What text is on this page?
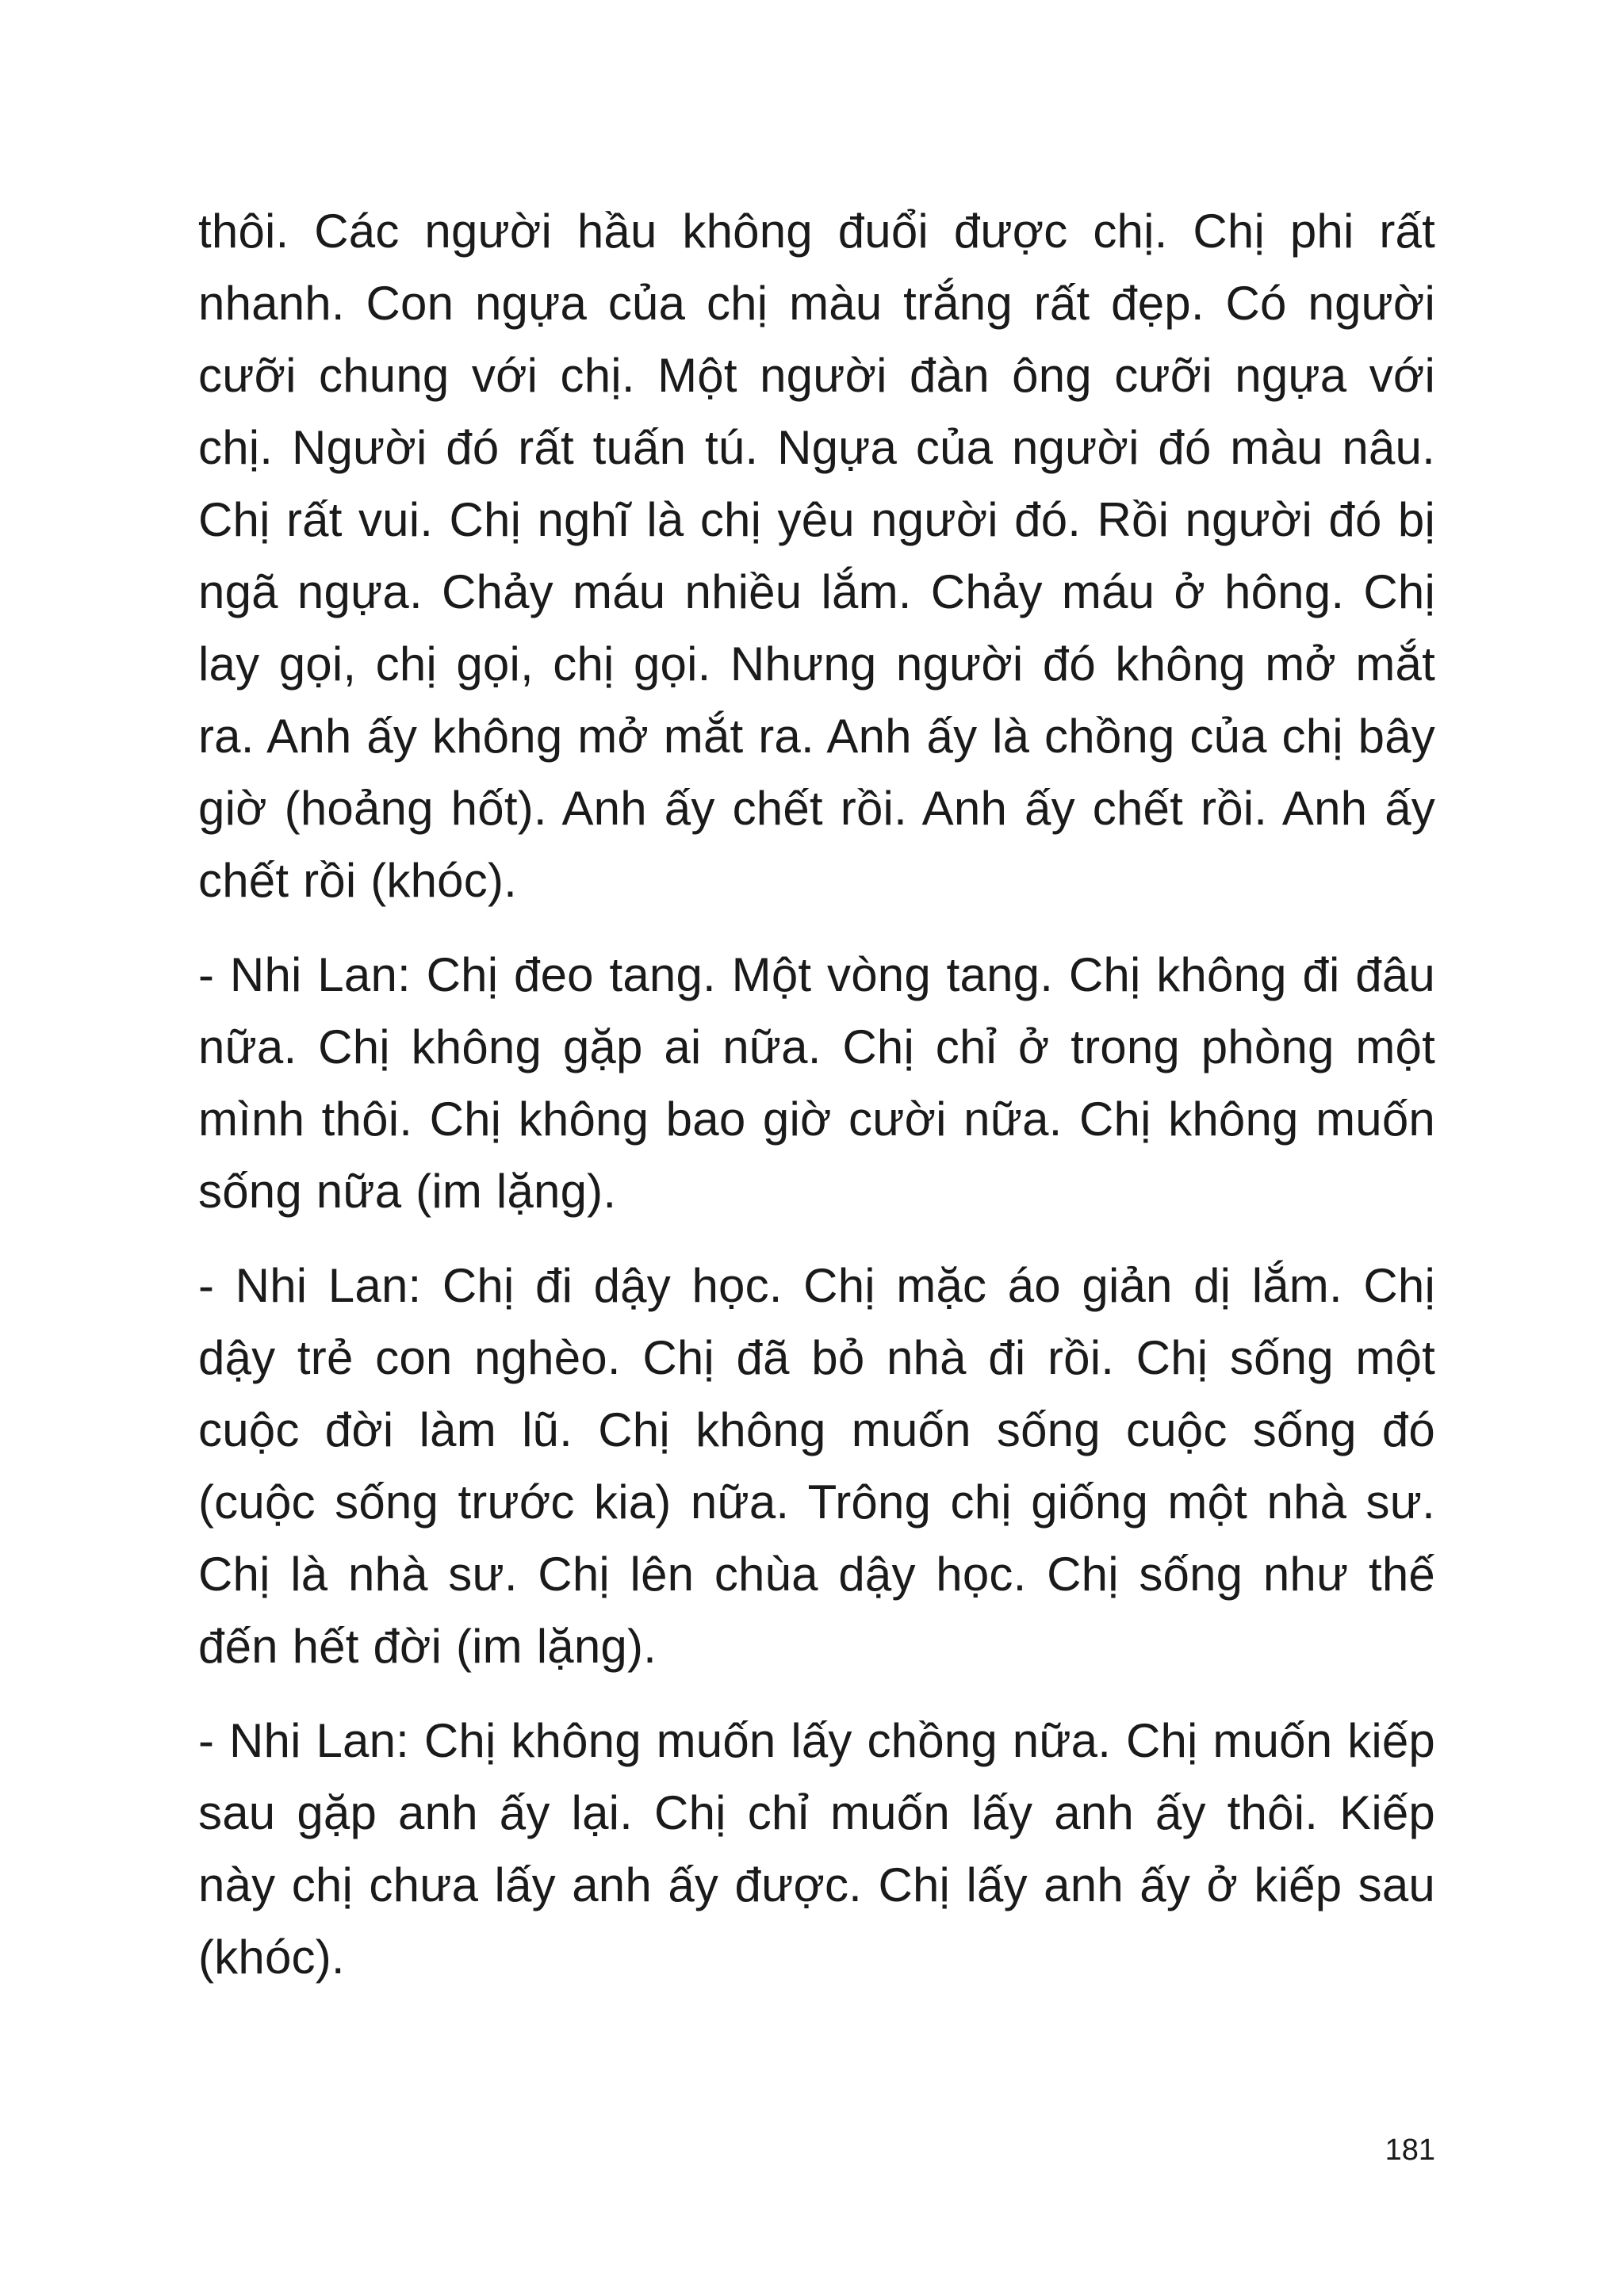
thôi. Các người hầu không đuổi được chị. Chị phi rất nhanh. Con ngựa của chị màu trắng rất đẹp. Có người cưỡi chung với chị. Một người đàn ông cưỡi ngựa với chị. Người đó rất tuấn tú. Ngựa của người đó màu nâu. Chị rất vui. Chị nghĩ là chị yêu người đó. Rồi người đó bị ngã ngựa. Chảy máu nhiều lắm. Chảy máu ở hông. Chị lay gọi, chị gọi, chị gọi. Nhưng người đó không mở mắt ra. Anh ấy không mở mắt ra. Anh ấy là chồng của chị bây giờ (hoảng hốt). Anh ấy chết rồi. Anh ấy chết rồi. Anh ấy chết rồi (khóc).

- Nhi Lan: Chị đeo tang. Một vòng tang. Chị không đi đâu nữa. Chị không gặp ai nữa. Chị chỉ ở trong phòng một mình thôi. Chị không bao giờ cười nữa. Chị không muốn sống nữa (im lặng).

- Nhi Lan: Chị đi dậy học. Chị mặc áo giản dị lắm. Chị dậy trẻ con nghèo. Chị đã bỏ nhà đi rồi. Chị sống một cuộc đời làm lũ. Chị không muốn sống cuộc sống đó (cuộc sống trước kia) nữa. Trông chị giống một nhà sư. Chị là nhà sư. Chị lên chùa dậy học. Chị sống như thế đến hết đời (im lặng).

- Nhi Lan: Chị không muốn lấy chồng nữa. Chị muốn kiếp sau gặp anh ấy lại. Chị chỉ muốn lấy anh ấy thôi. Kiếp này chị chưa lấy anh ấy được. Chị lấy anh ấy ở kiếp sau (khóc).

181
